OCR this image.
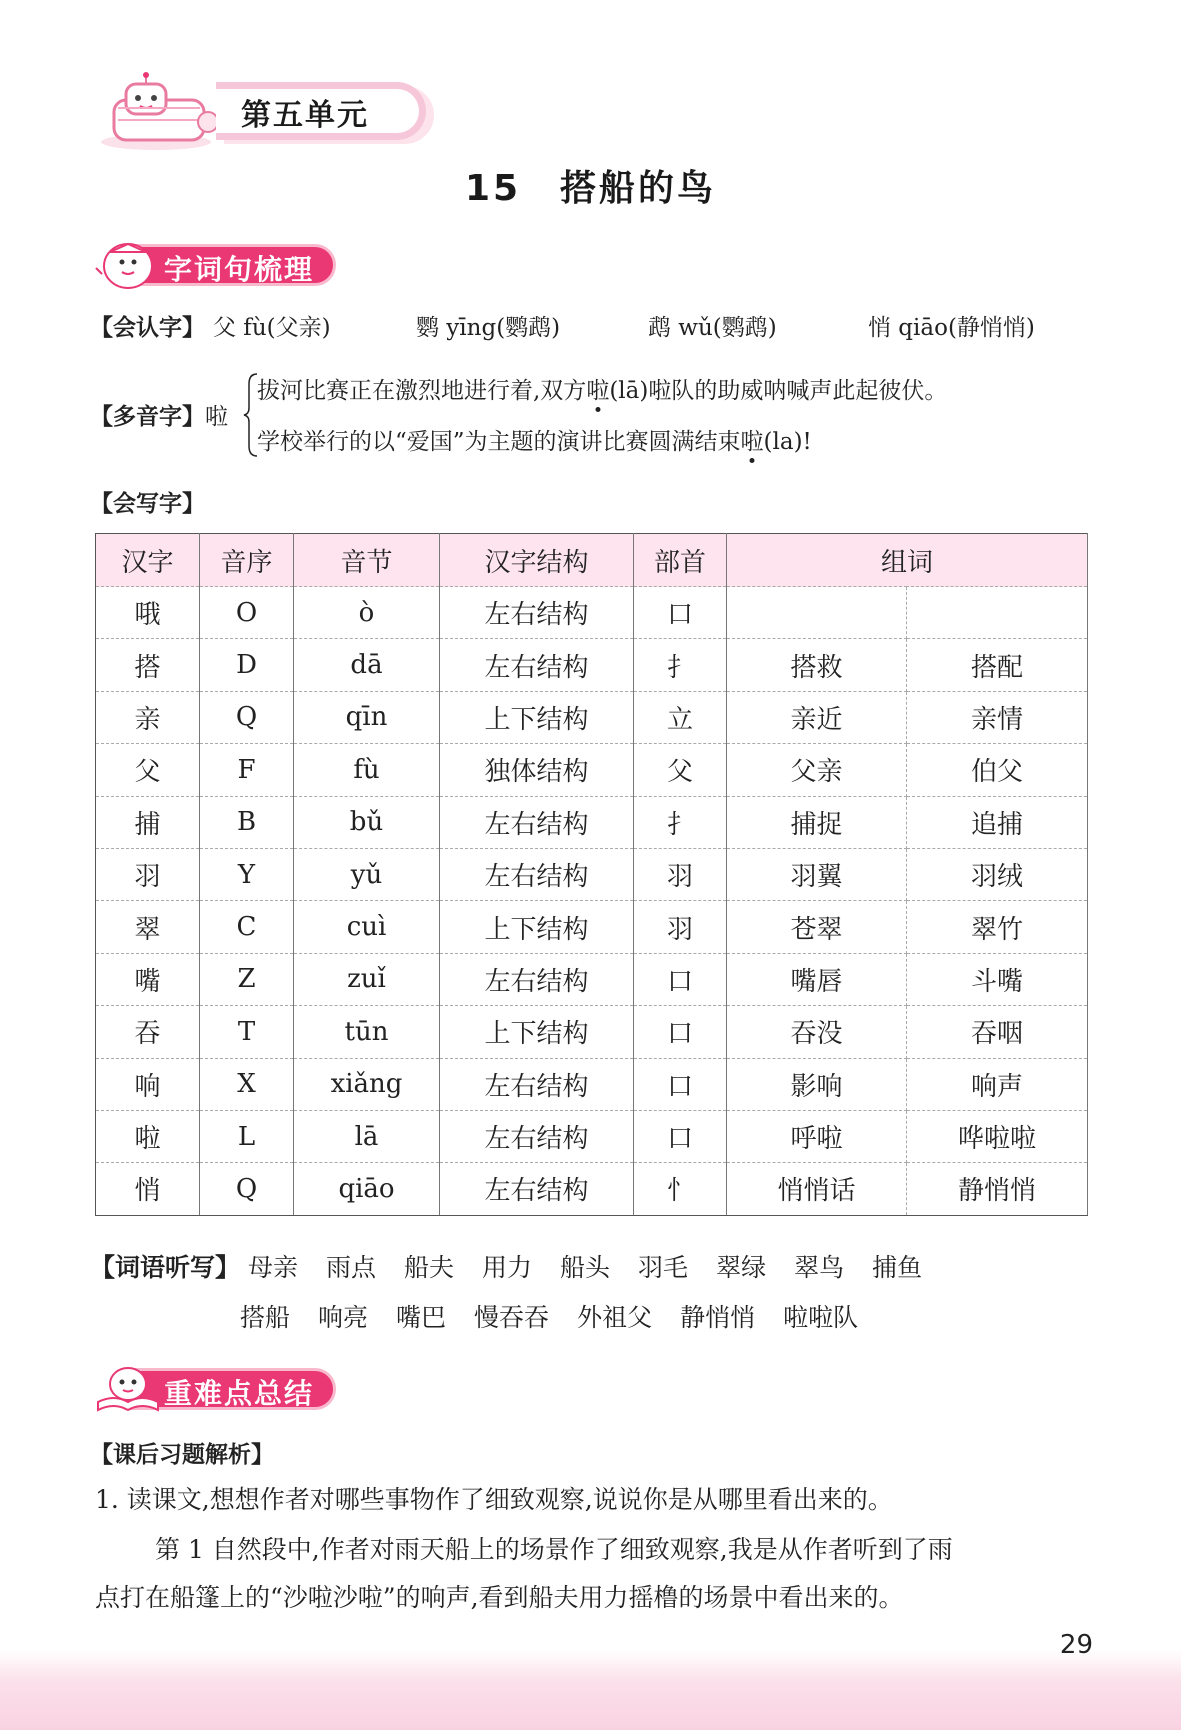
第五单元
15　搭船的鸟
字词句梳理
【会认字】 父 fù(父亲)	鹦 yīng(鹦鹉)	鹉 wǔ(鹦鹉)	悄 qiāo(静悄悄)
【多音字】啦
拔河比赛正在激烈地进行着,双方啦(lā)啦队的助威呐喊声此起彼伏。
学校举行的以“爱国”为主题的演讲比赛圆满结束啦(la)!
【会写字】
汉字	音序	音节	汉字结构	部首	组词	
哦	O	ò	左右结构	口		
搭	D	dā	左右结构	扌	搭救	搭配
亲	Q	qīn	上下结构	立	亲近	亲情
父	F	fù	独体结构	父	父亲	伯父
捕	B	bǔ	左右结构	扌	捕捉	追捕
羽	Y	yǔ	左右结构	羽	羽翼	羽绒
翠	C	cuì	上下结构	羽	苍翠	翠竹
嘴	Z	zuǐ	左右结构	口	嘴唇	斗嘴
吞	T	tūn	上下结构	口	吞没	吞咽
响	X	xiǎng	左右结构	口	影响	响声
啦	L	lā	左右结构	口	呼啦	哗啦啦
悄	Q	qiāo	左右结构	忄	悄悄话	静悄悄
【词语听写】 母亲 雨点 船夫 用力 船头 羽毛 翠绿 翠鸟 捕鱼
搭船 响亮 嘴巴 慢吞吞 外祖父 静悄悄 啦啦队
重难点总结
【课后习题解析】
1. 读课文,想想作者对哪些事物作了细致观察,说说你是从哪里看出来的。
第 1 自然段中,作者对雨天船上的场景作了细致观察,我是从作者听到了雨
点打在船篷上的“沙啦沙啦”的响声,看到船夫用力摇橹的场景中看出来的。
29
